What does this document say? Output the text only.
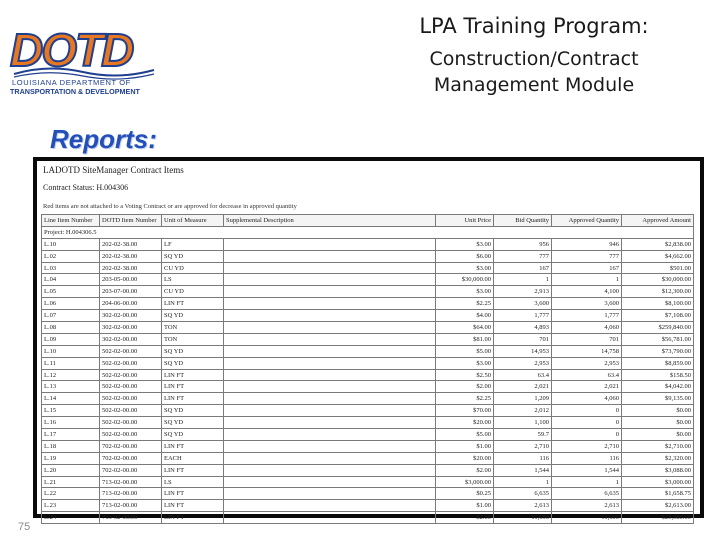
DOTD
LOUISIANA DEPARTMENT OF
TRANSPORTATION & DEVELOPMENT
LPA Training Program:
Construction/Contract
Management Module
Reports:
LADOTD SiteManager Contract Items
Contract Status: H.004306
Red items are not attached to a Voting Contract or are approved for decrease in approved quantity
Line Item Number	DOTD Item Number	Unit of Measure	Supplemental Description	Unit Price	Bid Quantity	Approved Quantity	Approved Amount
Project: H.004306.5							
L.10	202-02-38.00	LF		$3.00	956	946	$2,838.00
L.02	202-02-38.00	SQ YD		$6.00	777	777	$4,662.00
L.03	202-02-38.00	CU YD		$3.00	167	167	$501.00
L.04	203-05-00.00	LS		$30,000.00	1	1	$30,000.00
L.05	203-07-00.00	CU YD		$3.00	2,913	4,100	$12,300.00
L.06	204-06-00.00	LIN FT		$2.25	3,600	3,600	$8,100.00
L.07	302-02-00.00	SQ YD		$4.00	1,777	1,777	$7,108.00
L.08	302-02-00.00	TON		$64.00	4,893	4,060	$259,840.00
L.09	302-02-00.00	TON		$81.00	701	701	$56,781.00
L.10	502-02-00.00	SQ YD		$5.00	14,953	14,758	$73,790.00
L.11	502-02-00.00	SQ YD		$3.00	2,953	2,953	$8,859.00
L.12	502-02-00.00	LIN FT		$2.50	63.4	63.4	$158.50
L.13	502-02-00.00	LIN FT		$2.00	2,021	2,021	$4,042.00
L.14	502-02-00.00	LIN FT		$2.25	1,209	4,060	$9,135.00
L.15	502-02-00.00	SQ YD		$70.00	2,012	0	$0.00
L.16	502-02-00.00	SQ YD		$20.00	1,100	0	$0.00
L.17	502-02-00.00	SQ YD		$5.00	59.7	0	$0.00
L.18	702-02-00.00	LIN FT		$1.00	2,710	2,710	$2,710.00
L.19	702-02-00.00	EACH		$20.00	116	116	$2,320.00
L.20	702-02-00.00	LIN FT		$2.00	1,544	1,544	$3,088.00
L.21	713-02-00.00	LS		$3,000.00	1	1	$3,000.00
L.22	713-02-00.00	LIN FT		$0.25	6,635	6,635	$1,658.75
L.23	713-02-00.00	LIN FT		$1.00	2,613	2,613	$2,613.00
L.24	713-02-00.00	LIN FT		$2.00	11,690	11,690	$23,380.00
75
